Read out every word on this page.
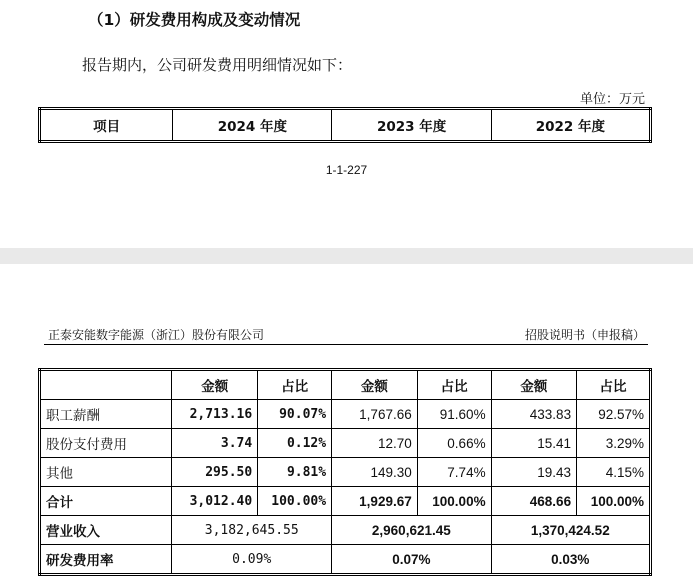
（1）研发费用构成及变动情况
报告期内，公司研发费用明细情况如下：
单位：万元
项目	2024 年度	2023 年度	2022 年度
1-1-227
正泰安能数字能源（浙江）股份有限公司	招股说明书（申报稿）
	金额	占比	金额	占比	金额	占比
职工薪酬	2,713.16	90.07%	1,767.66	91.60%	433.83	92.57%
股份支付费用	3.74	0.12%	12.70	0.66%	15.41	3.29%
其他	295.50	9.81%	149.30	7.74%	19.43	4.15%
合计	3,012.40	100.00%	1,929.67	100.00%	468.66	100.00%
营业收入	3,182,645.55		2,960,621.45		1,370,424.52	
研发费用率	0.09%		0.07%		0.03%	
